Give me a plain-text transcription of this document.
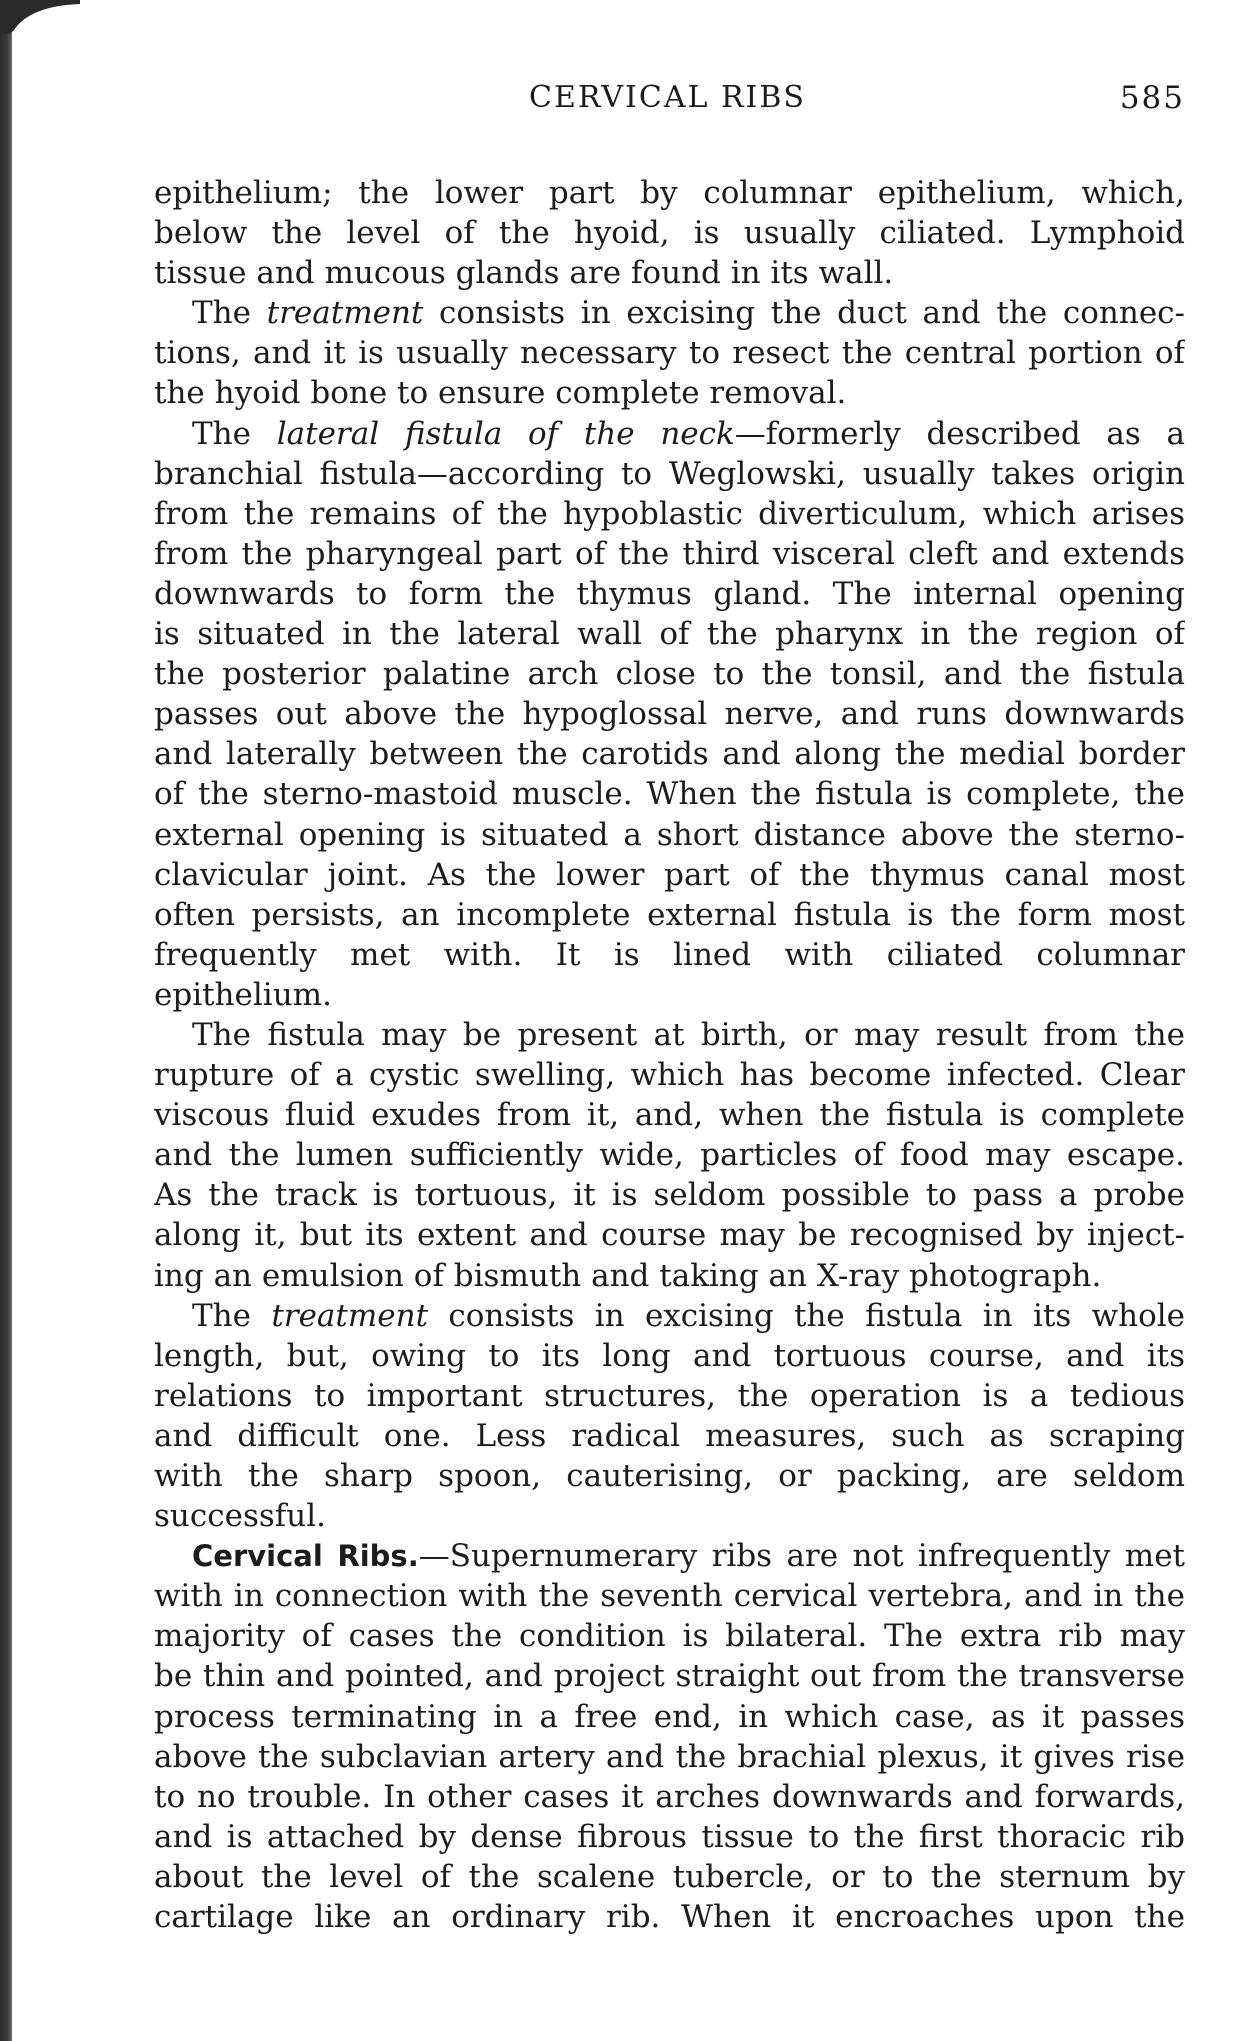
CERVICAL RIBS	585
epithelium; the lower part by columnar epithelium, which,
below the level of the hyoid, is usually ciliated. Lymphoid
tissue and mucous glands are found in its wall.
The treatment consists in excising the duct and the connec-
tions, and it is usually necessary to resect the central portion of
the hyoid bone to ensure complete removal.
The lateral fistula of the neck—formerly described as a
branchial fistula—according to Weglowski, usually takes origin
from the remains of the hypoblastic diverticulum, which arises
from the pharyngeal part of the third visceral cleft and extends
downwards to form the thymus gland. The internal opening
is situated in the lateral wall of the pharynx in the region of
the posterior palatine arch close to the tonsil, and the fistula
passes out above the hypoglossal nerve, and runs downwards
and laterally between the carotids and along the medial border
of the sterno-mastoid muscle. When the fistula is complete, the
external opening is situated a short distance above the sterno-
clavicular joint. As the lower part of the thymus canal most
often persists, an incomplete external fistula is the form most
frequently met with. It is lined with ciliated columnar
epithelium.
The fistula may be present at birth, or may result from the
rupture of a cystic swelling, which has become infected. Clear
viscous fluid exudes from it, and, when the fistula is complete
and the lumen sufficiently wide, particles of food may escape.
As the track is tortuous, it is seldom possible to pass a probe
along it, but its extent and course may be recognised by inject-
ing an emulsion of bismuth and taking an X-ray photograph.
The treatment consists in excising the fistula in its whole
length, but, owing to its long and tortuous course, and its
relations to important structures, the operation is a tedious
and difficult one. Less radical measures, such as scraping
with the sharp spoon, cauterising, or packing, are seldom
successful.
Cervical Ribs.—Supernumerary ribs are not infrequently met
with in connection with the seventh cervical vertebra, and in the
majority of cases the condition is bilateral. The extra rib may
be thin and pointed, and project straight out from the transverse
process terminating in a free end, in which case, as it passes
above the subclavian artery and the brachial plexus, it gives rise
to no trouble. In other cases it arches downwards and forwards,
and is attached by dense fibrous tissue to the first thoracic rib
about the level of the scalene tubercle, or to the sternum by
cartilage like an ordinary rib. When it encroaches upon the
